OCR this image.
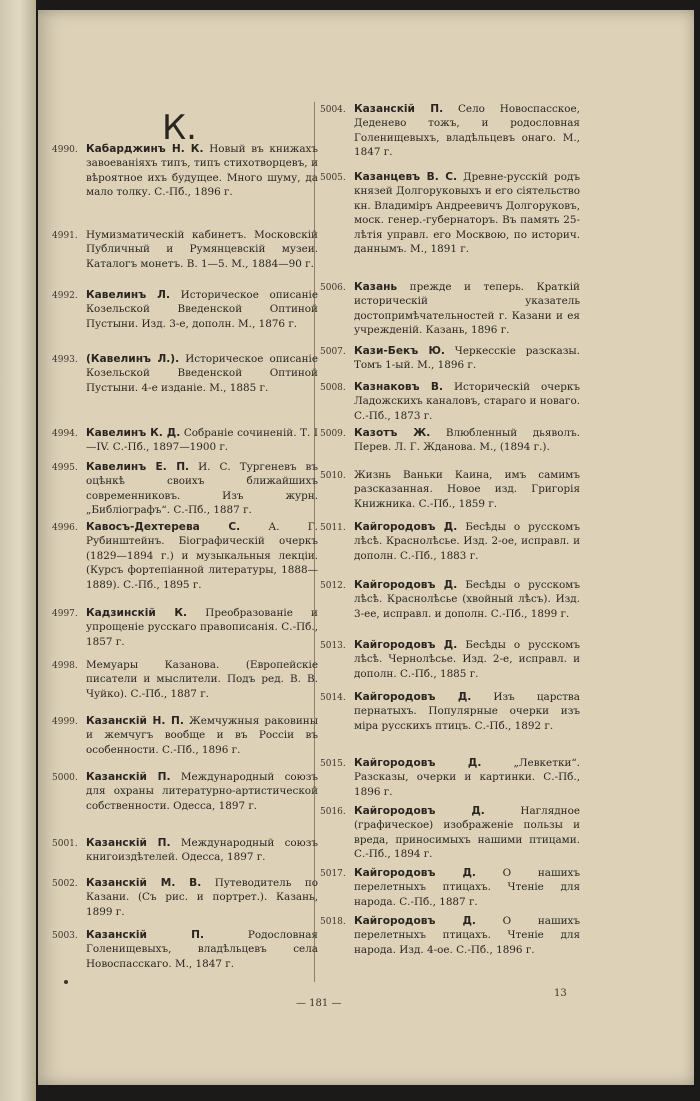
К.
4990. Кабарджинъ Н. К. Новый въ книжахъ завоеванiяхъ типъ, типъ стихотворцевъ, и вѣроятное ихъ будущее. Много шуму, да мало толку. С.-Пб., 1896 г.
4991. Нумизматическiй кабинетъ. Московскiй Публичный и Румянцевскiй музеи. Каталогъ монетъ. В. 1—5. М., 1884—90 г.
4992. Кавелинъ Л. Историческое описанiе Козельской Введенской Оптиной Пустыни. Изд. 3-е, дополн. М., 1876 г.
4993. (Кавелинъ Л.). Историческое описанiе Козельской Введенской Оптиной Пустыни. 4-е изданiе. М., 1885 г.
4994. Кавелинъ К. Д. Собранiе сочиненiй. Т. I—IV. С.-Пб., 1897—1900 г.
4995. Кавелинъ Е. П. И. С. Тургеневъ въ оцѣнкѣ своихъ ближайшихъ современниковъ. Изъ журн. „Библiографъ“. С.-Пб., 1887 г.
4996. Кавосъ-Дехтерева С.	А. Г. Рубинштейнъ. Бiографическiй очеркъ (1829—1894 г.) и музыкальныя лекцiи. (Курсъ фортепiанной литературы, 1888—1889). С.-Пб., 1895 г.
4997. Кадзинскiй К. Преобразованiе и упрощенiе русскаго правописанiя. С.-Пб., 1857 г.
4998. Мемуары Казанова. (Европейскiе писатели и мыслители. Подъ ред. В. В. Чуйко). С.-Пб., 1887 г.
4999. Казанскiй Н. П. Жемчужныя раковины и жемчугъ вообще и въ Россiи въ особенности. С.-Пб., 1896 г.
5000. Казанскiй П. Международный союзъ для охраны литературно-артистической собственности. Одесса, 1897 г.
5001. Казанскiй П. Международный союзъ книгоиздѣтелей. Одесса, 1897 г.
5002. Казанскiй М. В. Путеводитель по Казани. (Съ рис. и портрет.). Казань, 1899 г.
5003. Казанскiй П.	Родословная Голенищевыхъ, владѣльцевъ села Новоспасскаго. М., 1847 г.
5004. Казанскiй П. Село Новоспасское, Деденево тожъ, и родословная Голенищевыхъ, владѣльцевъ онаго. М., 1847 г.
5005. Казанцевъ В. С. Древне-русскiй родъ князей Долгоруковыхъ и его сiятельство кн. Владимiръ Андреевичъ Долгоруковъ, моск. генер.-губернаторъ. Въ память 25-лѣтiя управл. его Москвою, по историч. даннымъ. М., 1891 г.
5006. Казань прежде и теперь. Краткiй историческiй указатель достопримѣчательностей г. Казани и ея учрежденiй. Казань, 1896 г.
5007. Кази-Бекъ Ю. Черкесскiе разсказы. Томъ 1-ый. М., 1896 г.
5008. Казнаковъ В. Историческiй очеркъ Ладожскихъ каналовъ, стараго и новаго. С.-Пб., 1873 г.
5009. Казотъ Ж. Влюбленный дьяволъ. Перев. Л. Г. Жданова. М., (1894 г.).
5010. Жизнь Ваньки Каина, имъ самимъ разсказанная. Новое изд. Григорiя Книжника. С.-Пб., 1859 г.
5011. Кайгородовъ Д. Бесѣды о русскомъ лѣсѣ. Краснолѣсье. Изд. 2-ое, исправл. и дополн. С.-Пб., 1883 г.
5012. Кайгородовъ Д. Бесѣды о русскомъ лѣсѣ. Краснолѣсье (хвойный лѣсъ). Изд. 3-ее, исправл. и дополн. С.-Пб., 1899 г.
5013. Кайгородовъ Д. Бесѣды о русскомъ лѣсѣ. Чернолѣсье. Изд. 2-е, исправл. и дополн. С.-Пб., 1885 г.
5014. Кайгородовъ Д. Изъ царства пернатыхъ. Популярные очерки изъ мiра русскихъ птицъ. С.-Пб., 1892 г.
5015. Кайгородовъ Д.	„Левкетки“. Разсказы, очерки и картинки. С.-Пб., 1896 г.
5016. Кайгородовъ Д.	Наглядное (графическое) изображенiе пользы и вреда, приносимыхъ нашими птицами. С.-Пб., 1894 г.
5017. Кайгородовъ Д.	О нашихъ перелетныхъ птицахъ. Чтенiе для народа. С.-Пб., 1887 г.
5018. Кайгородовъ Д.	О нашихъ перелетныхъ птицахъ. Чтенiе для народа. Изд. 4-ое. С.-Пб., 1896 г.
— 181 —
13
